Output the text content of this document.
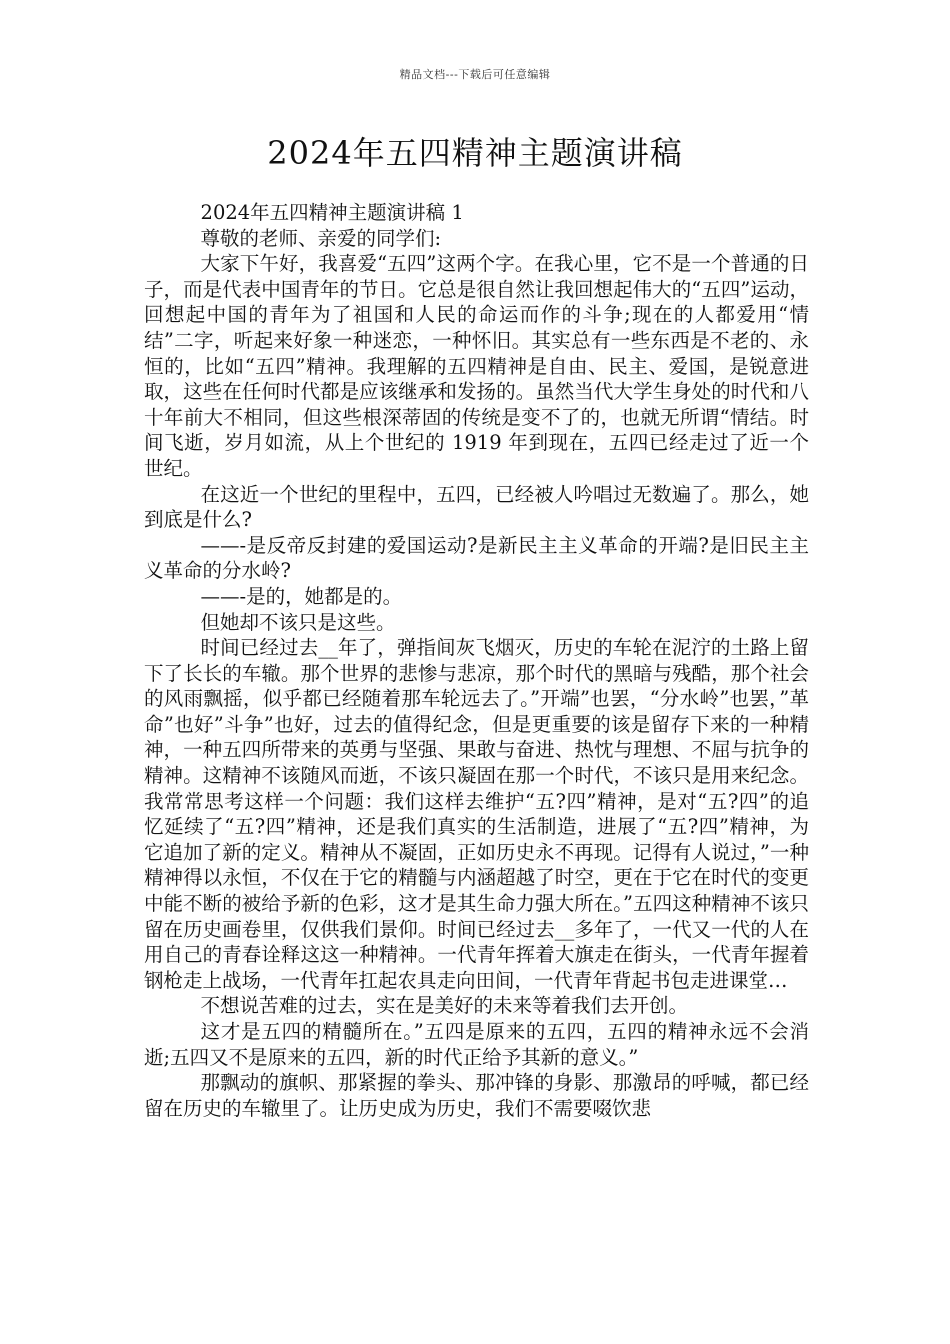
精品文档---下载后可任意编辑
2024年五四精神主题演讲稿

2024年五四精神主题演讲稿 1

尊敬的老师、亲爱的同学们:

大家下午好，我喜爱“五四”这两个字。在我心里，它不是一个普通的日子，而是代表中国青年的节日。它总是很自然让我回想起伟大的“五四”运动，回想起中国的青年为了祖国和人民的命运而作的斗争;现在的人都爱用“情结”二字，听起来好象一种迷恋，一种怀旧。其实总有一些东西是不老的、永恒的，比如“五四”精神。我理解的五四精神是自由、民主、爱国，是锐意进取，这些在任何时代都是应该继承和发扬的。虽然当代大学生身处的时代和八十年前大不相同，但这些根深蒂固的传统是变不了的，也就无所谓“情结。时间飞逝，岁月如流，从上个世纪的 1919 年到现在，五四已经走过了近一个世纪。

在这近一个世纪的里程中，五四，已经被人吟唱过无数遍了。那么，她到底是什么?

——-是反帝反封建的爱国运动?是新民主主义革命的开端?是旧民主主义革命的分水岭?

——-是的，她都是的。

但她却不该只是这些。

时间已经过去__年了，弹指间灰飞烟灭，历史的车轮在泥泞的土路上留下了长长的车辙。那个世界的悲惨与悲凉，那个时代的黑暗与残酷，那个社会的风雨飘摇，似乎都已经随着那车轮远去了。”开端”也罢，“分水岭”也罢，”革命”也好”斗争”也好，过去的值得纪念，但是更重要的该是留存下来的一种精神，一种五四所带来的英勇与坚强、果敢与奋进、热忱与理想、不屈与抗争的精神。这精神不该随风而逝，不该只凝固在那一个时代，不该只是用来纪念。我常常思考这样一个问题：我们这样去维护“五?四”精神，是对“五?四”的追忆延续了“五?四”精神，还是我们真实的生活制造，进展了“五?四”精神，为它追加了新的定义。精神从不凝固，正如历史永不再现。记得有人说过，”一种精神得以永恒，不仅在于它的精髓与内涵超越了时空，更在于它在时代的变更中能不断的被给予新的色彩，这才是其生命力强大所在。”五四这种精神不该只留在历史画卷里，仅供我们景仰。时间已经过去__多年了，一代又一代的人在用自己的青春诠释这这一种精神。一代青年挥着大旗走在街头，一代青年握着钢枪走上战场，一代青年扛起农具走向田间，一代青年背起书包走进课堂…

不想说苦难的过去，实在是美好的未来等着我们去开创。

这才是五四的精髓所在。”五四是原来的五四，五四的精神永远不会消逝;五四又不是原来的五四，新的时代正给予其新的意义。”

那飘动的旗帜、那紧握的拳头、那冲锋的身影、那激昂的呼喊，都已经留在历史的车辙里了。让历史成为历史，我们不需要啜饮悲
